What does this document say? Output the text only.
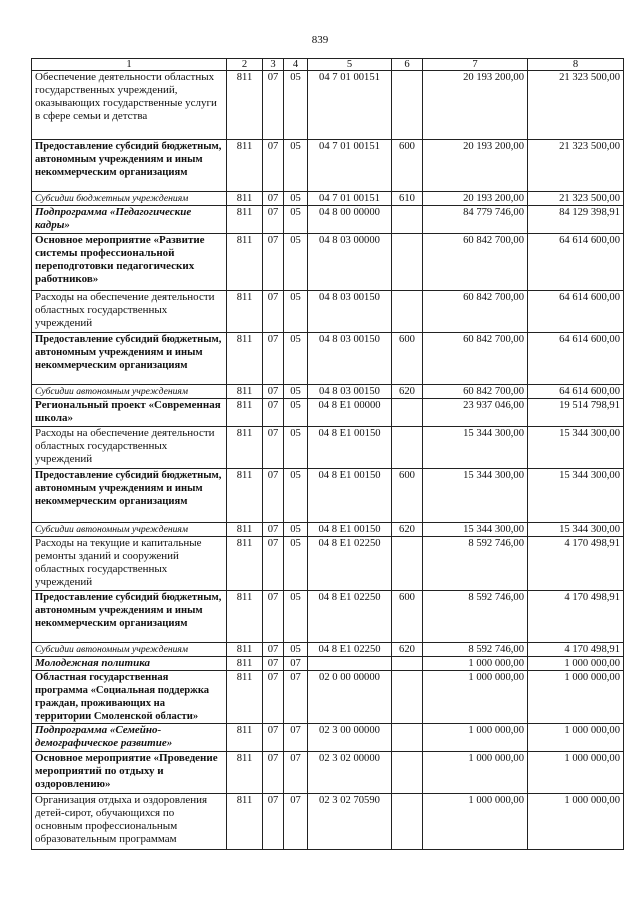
839
1	2	3	4	5	6	7	8
Обеспечение деятельности областных государственных учреждений, оказывающих государственные услуги в сфере семьи и детства	811	07	05	04 7 01 00151		20 193 200,00	21 323 500,00
Предоставление субсидий бюджетным, автономным учреждениям и иным некоммерческим организациям	811	07	05	04 7 01 00151	600	20 193 200,00	21 323 500,00
Субсидии бюджетным учреждениям	811	07	05	04 7 01 00151	610	20 193 200,00	21 323 500,00
Подпрограмма «Педагогические кадры»	811	07	05	04 8 00 00000		84 779 746,00	84 129 398,91
Основное мероприятие «Развитие системы профессиональной переподготовки педагогических работников»	811	07	05	04 8 03 00000		60 842 700,00	64 614 600,00
Расходы на обеспечение деятельности областных государственных учреждений	811	07	05	04 8 03 00150		60 842 700,00	64 614 600,00
Предоставление субсидий бюджетным, автономным учреждениям и иным некоммерческим организациям	811	07	05	04 8 03 00150	600	60 842 700,00	64 614 600,00
Субсидии автономным учреждениям	811	07	05	04 8 03 00150	620	60 842 700,00	64 614 600,00
Региональный проект «Современная школа»	811	07	05	04 8 E1 00000		23 937 046,00	19 514 798,91
Расходы на обеспечение деятельности областных государственных учреждений	811	07	05	04 8 E1 00150		15 344 300,00	15 344 300,00
Предоставление субсидий бюджетным, автономным учреждениям и иным некоммерческим организациям	811	07	05	04 8 E1 00150	600	15 344 300,00	15 344 300,00
Субсидии автономным учреждениям	811	07	05	04 8 E1 00150	620	15 344 300,00	15 344 300,00
Расходы на текущие и капитальные ремонты зданий и сооружений областных государственных учреждений	811	07	05	04 8 E1 02250		8 592 746,00	4 170 498,91
Предоставление субсидий бюджетным, автономным учреждениям и иным некоммерческим организациям	811	07	05	04 8 E1 02250	600	8 592 746,00	4 170 498,91
Субсидии автономным учреждениям	811	07	05	04 8 E1 02250	620	8 592 746,00	4 170 498,91
Молодежная политика	811	07	07			1 000 000,00	1 000 000,00
Областная государственная программа «Социальная поддержка граждан, проживающих на территории Смоленской области»	811	07	07	02 0 00 00000		1 000 000,00	1 000 000,00
Подпрограмма «Семейно-демографическое развитие»	811	07	07	02 3 00 00000		1 000 000,00	1 000 000,00
Основное мероприятие «Проведение мероприятий по отдыху и оздоровлению»	811	07	07	02 3 02 00000		1 000 000,00	1 000 000,00
Организация отдыха и оздоровления детей-сирот, обучающихся по основным профессиональным образовательным программам	811	07	07	02 3 02 70590		1 000 000,00	1 000 000,00
